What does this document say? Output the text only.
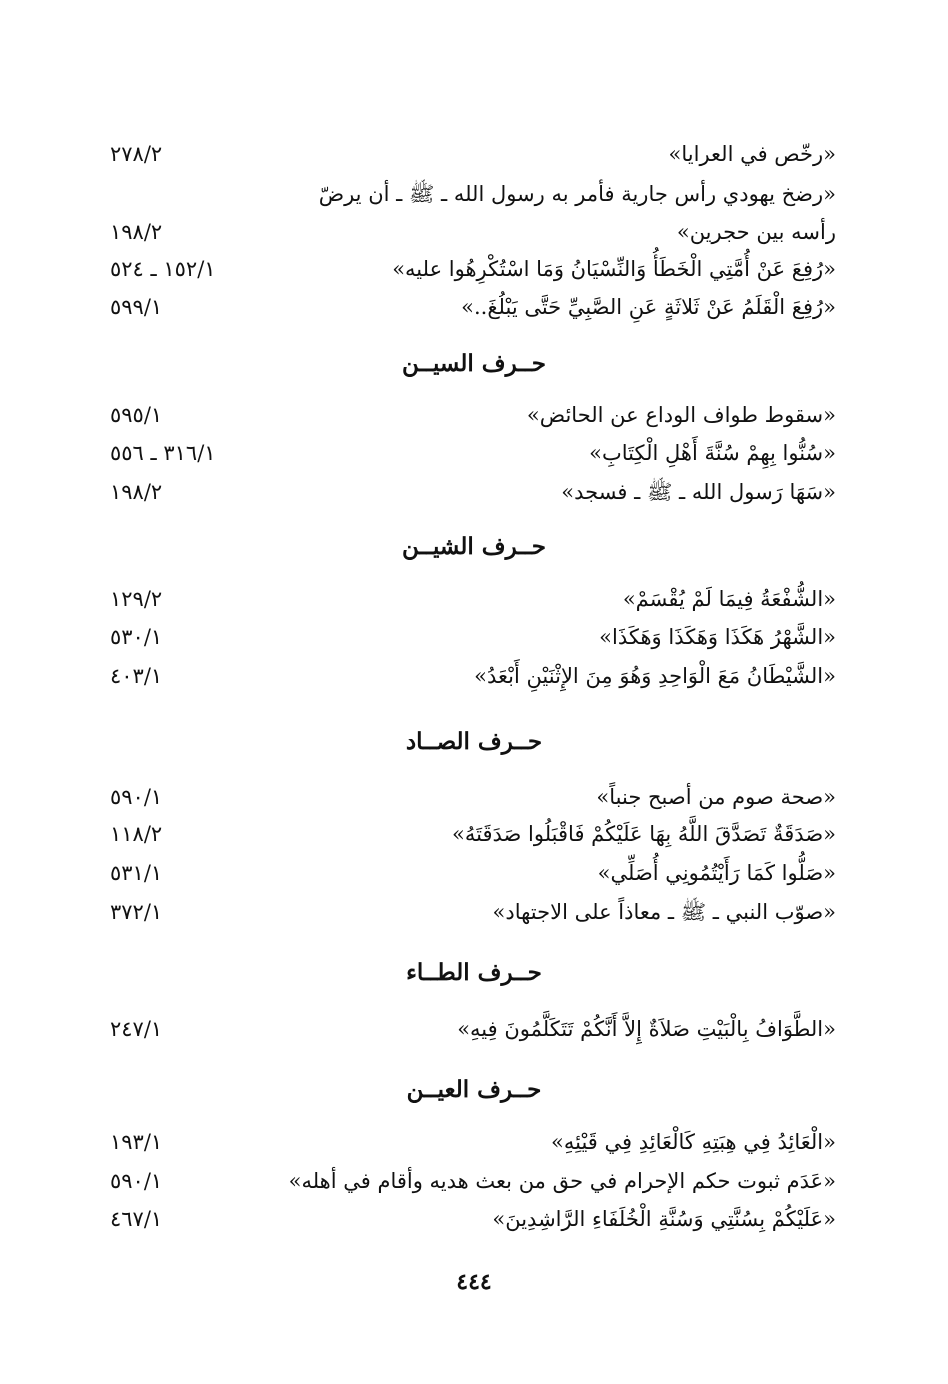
«رخّص في العرايا»
٢٧٨/٢
«رضخ يهودي رأس جارية فأمر به رسول الله ـ ﷺ ـ أن يرضّ
رأسه بين حجرين»
١٩٨/٢
«رُفِعَ عَنْ أُمَّتِي الْخَطَأُ وَالنِّسْيَانُ وَمَا اسْتُكْرِهُوا عليه»
١٥٢/١ ـ ٥٢٤
«رُفِعَ الْقَلَمُ عَنْ ثَلاثَةٍ عَنِ الصَّبِيِّ حَتَّى يَبْلُغَ..»
٥٩٩/١
حــرف السيــن
«سقوط طواف الوداع عن الحائض»
٥٩٥/١
«سُنُّوا بِهِمْ سُنَّةَ أَهْلِ الْكِتَابِ»
٣١٦/١ ـ ٥٥٦
«سَهَا رَسول الله ـ ﷺ ـ فسجد»
١٩٨/٢
حــرف الشيــن
«الشُّفْعَةُ فِيمَا لَمْ يُقْسَمْ»
١٢٩/٢
«الشَّهْرُ هَكَذَا وَهَكَذَا وَهَكَذَا»
٥٣٠/١
«الشَّيْطَانُ مَعَ الْوَاحِدِ وَهُوَ مِنَ الإِثْنَيْنِ أَبْعَدُ»
٤٠٣/١
حــرف الصــاد
«صحة صوم من أصبح جنباً»
٥٩٠/١
«صَدَقَةٌ تَصَدَّقَ اللَّهُ بِهَا عَلَيْكُمْ فَاقْبَلُوا صَدَقَتَهُ»
١١٨/٢
«صَلُّوا كَمَا رَأَيْتُمُونِي أُصَلِّي»
٥٣١/١
«صوّب النبي ـ ﷺ ـ معاذاً على الاجتهاد»
٣٧٢/١
حــرف الطــاء
«الطَّوَافُ بِالْبَيْتِ صَلاَةٌ إِلاَّ أَنَّكُمْ تَتَكَلَّمُونَ فِيهِ»
٢٤٧/١
حــرف العيــن
«الْعَائِدُ فِي هِبَتِهِ كَالْعَائِدِ فِي قَيْئِهِ»
١٩٣/١
«عَدَم ثبوت حكم الإحرام في حق من بعث هديه وأقام في أهله»
٥٩٠/١
«عَلَيْكُمْ بِسُنَّتِي وَسُنَّةِ الْخُلَفَاءِ الرَّاشِدِينَ»
٤٦٧/١
٤٤٤
